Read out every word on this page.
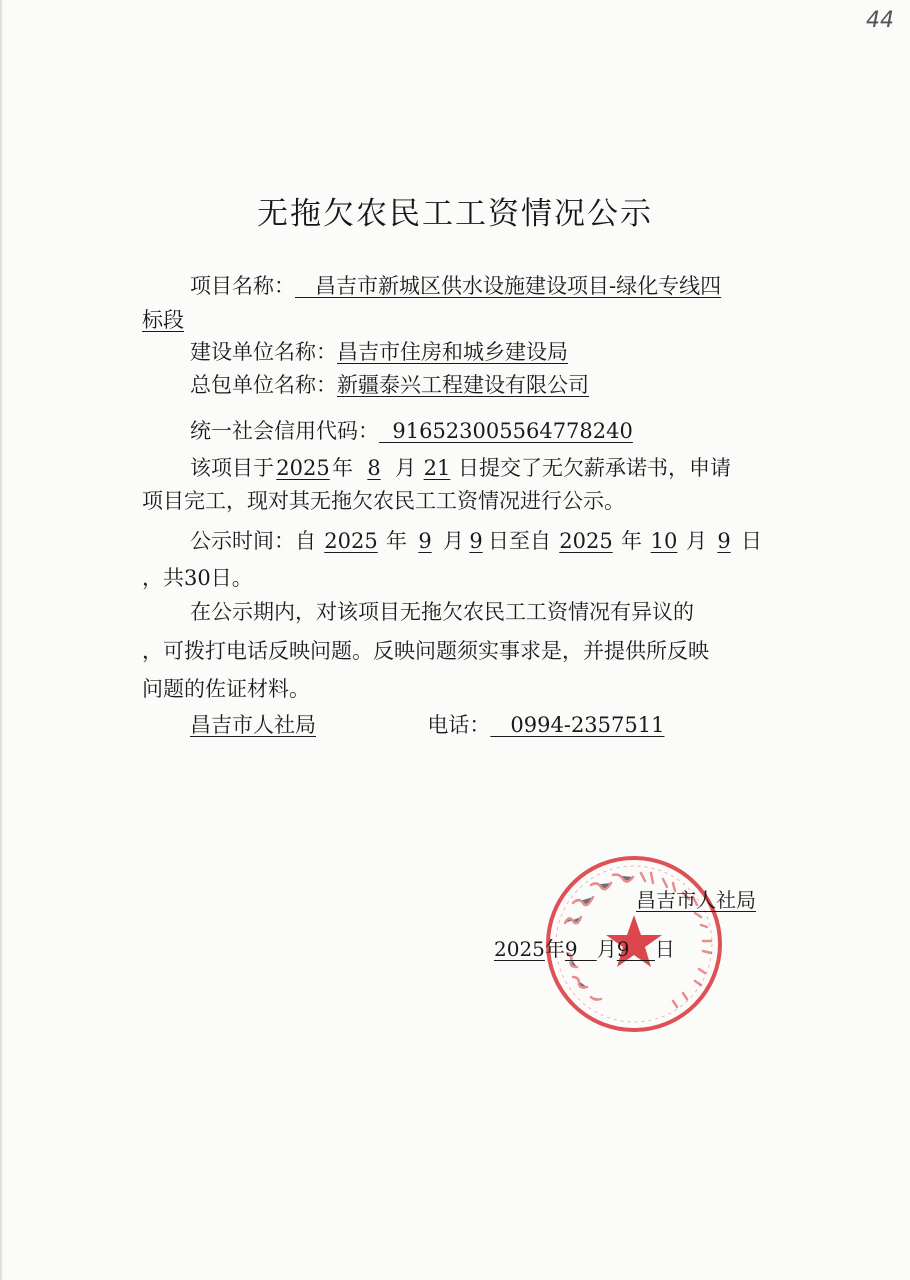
44
无拖欠农民工工资情况公示
项目名称： 昌吉市新城区供水设施建设项目-绿化专线四
标段
建设单位名称：昌吉市住房和城乡建设局
总包单位名称：新疆泰兴工程建设有限公司
统一社会信用代码： 916523005564778240
该项目于 2025 年 8 月 21 日提交了无欠薪承诺书，申请
项目完工，现对其无拖欠农民工工资情况进行公示。
公示时间：自 2025 年 9 月 9 日至自 2025 年 10 月 9 日
，共30日。
在公示期内，对该项目无拖欠农民工工资情况有异议的
，可拨打电话反映问题。反映问题须实事求是，并提供所反映
问题的佐证材料。
昌吉市人社局	电话： 0994-2357511
昌吉市人社局
2025年9 月9 日
